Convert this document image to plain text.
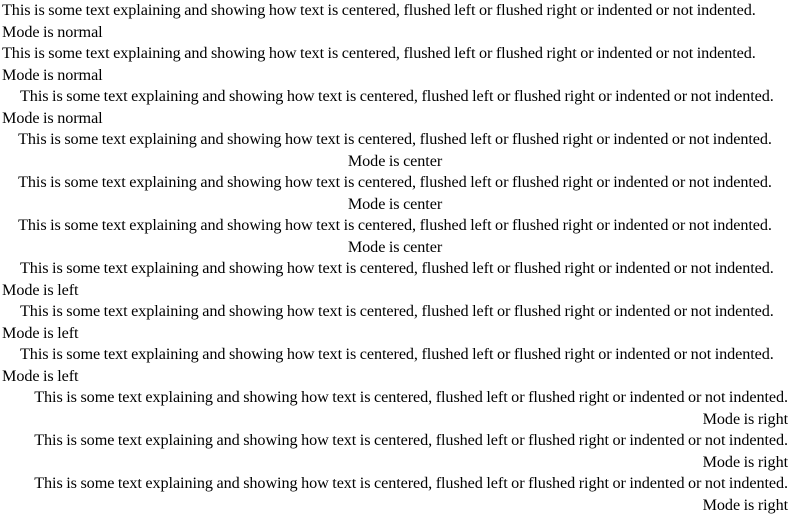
This is some text explaining and showing how text is centered, flushed left or flushed right or indented or not indented. Mode is normal

This is some text explaining and showing how text is centered, flushed left or flushed right or indented or not indented. Mode is normal

This is some text explaining and showing how text is centered, flushed left or flushed right or indented or not indented. Mode is normal

This is some text explaining and showing how text is centered, flushed left or flushed right or indented or not indented. Mode is center

This is some text explaining and showing how text is centered, flushed left or flushed right or indented or not indented. Mode is center

This is some text explaining and showing how text is centered, flushed left or flushed right or indented or not indented. Mode is center

This is some text explaining and showing how text is centered, flushed left or flushed right or indented or not indented. Mode is left

This is some text explaining and showing how text is centered, flushed left or flushed right or indented or not indented. Mode is left

This is some text explaining and showing how text is centered, flushed left or flushed right or indented or not indented. Mode is left

This is some text explaining and showing how text is centered, flushed left or flushed right or indented or not indented. Mode is right

This is some text explaining and showing how text is centered, flushed left or flushed right or indented or not indented. Mode is right

This is some text explaining and showing how text is centered, flushed left or flushed right or indented or not indented. Mode is right
